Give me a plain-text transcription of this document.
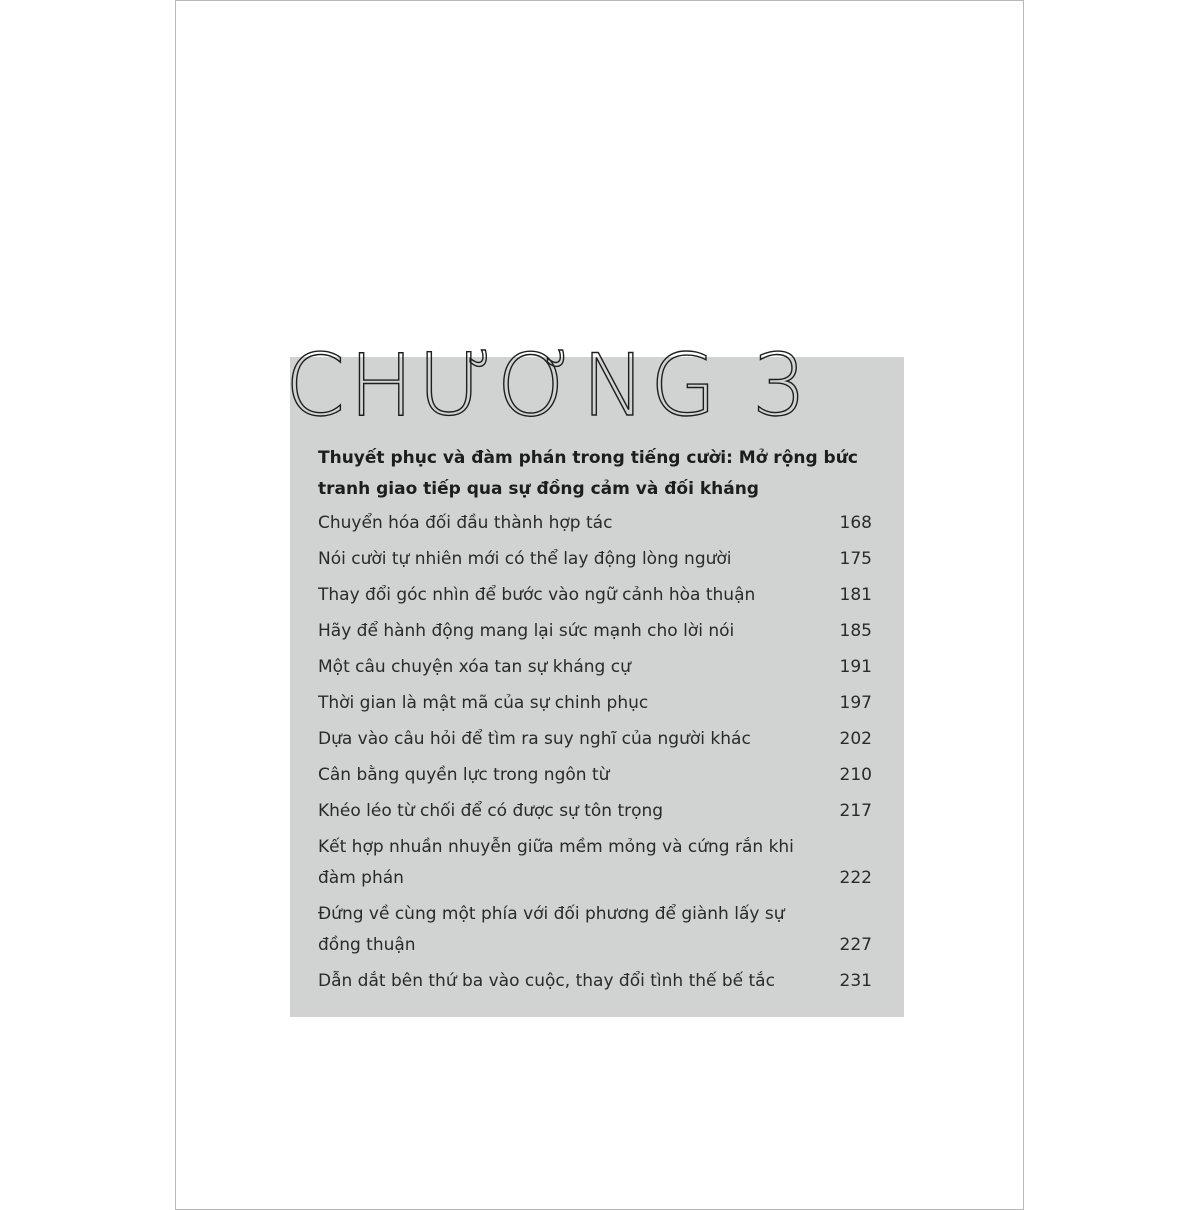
CHƯƠNG 3
Thuyết phục và đàm phán trong tiếng cười: Mở rộng bức tranh giao tiếp qua sự đồng cảm và đối kháng
Chuyển hóa đối đầu thành hợp tác	168
Nói cười tự nhiên mới có thể lay động lòng người	175
Thay đổi góc nhìn để bước vào ngữ cảnh hòa thuận	181
Hãy để hành động mang lại sức mạnh cho lời nói	185
Một câu chuyện xóa tan sự kháng cự	191
Thời gian là mật mã của sự chinh phục	197
Dựa vào câu hỏi để tìm ra suy nghĩ của người khác	202
Cân bằng quyền lực trong ngôn từ	210
Khéo léo từ chối để có được sự tôn trọng	217
Kết hợp nhuần nhuyễn giữa mềm mỏng và cứng rắn khi đàm phán	222
Đứng về cùng một phía với đối phương để giành lấy sự đồng thuận	227
Dẫn dắt bên thứ ba vào cuộc, thay đổi tình thế bế tắc	231
